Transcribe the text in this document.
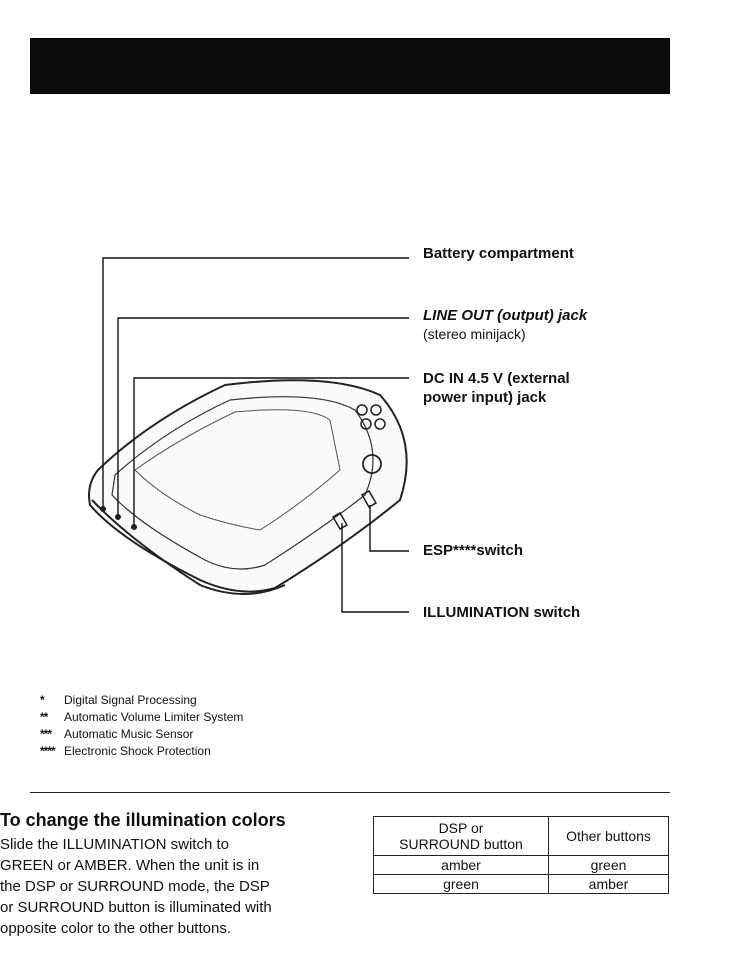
Battery compartment
LINE OUT (output) jack
(stereo minijack)
DC IN 4.5 V (external
power input) jack
ESP****switch
ILLUMINATION switch
*	Digital Signal Processing
**	Automatic Volume Limiter System
***	Automatic Music Sensor
**** Electronic Shock Protection
To change the illumination colors
Slide the ILLUMINATION switch to
GREEN or AMBER. When the unit is in
the DSP or SURROUND mode, the DSP
or SURROUND button is illuminated with
opposite color to the other buttons.
DSP or
SURROUND button	Other buttons
amber	green
green	amber
